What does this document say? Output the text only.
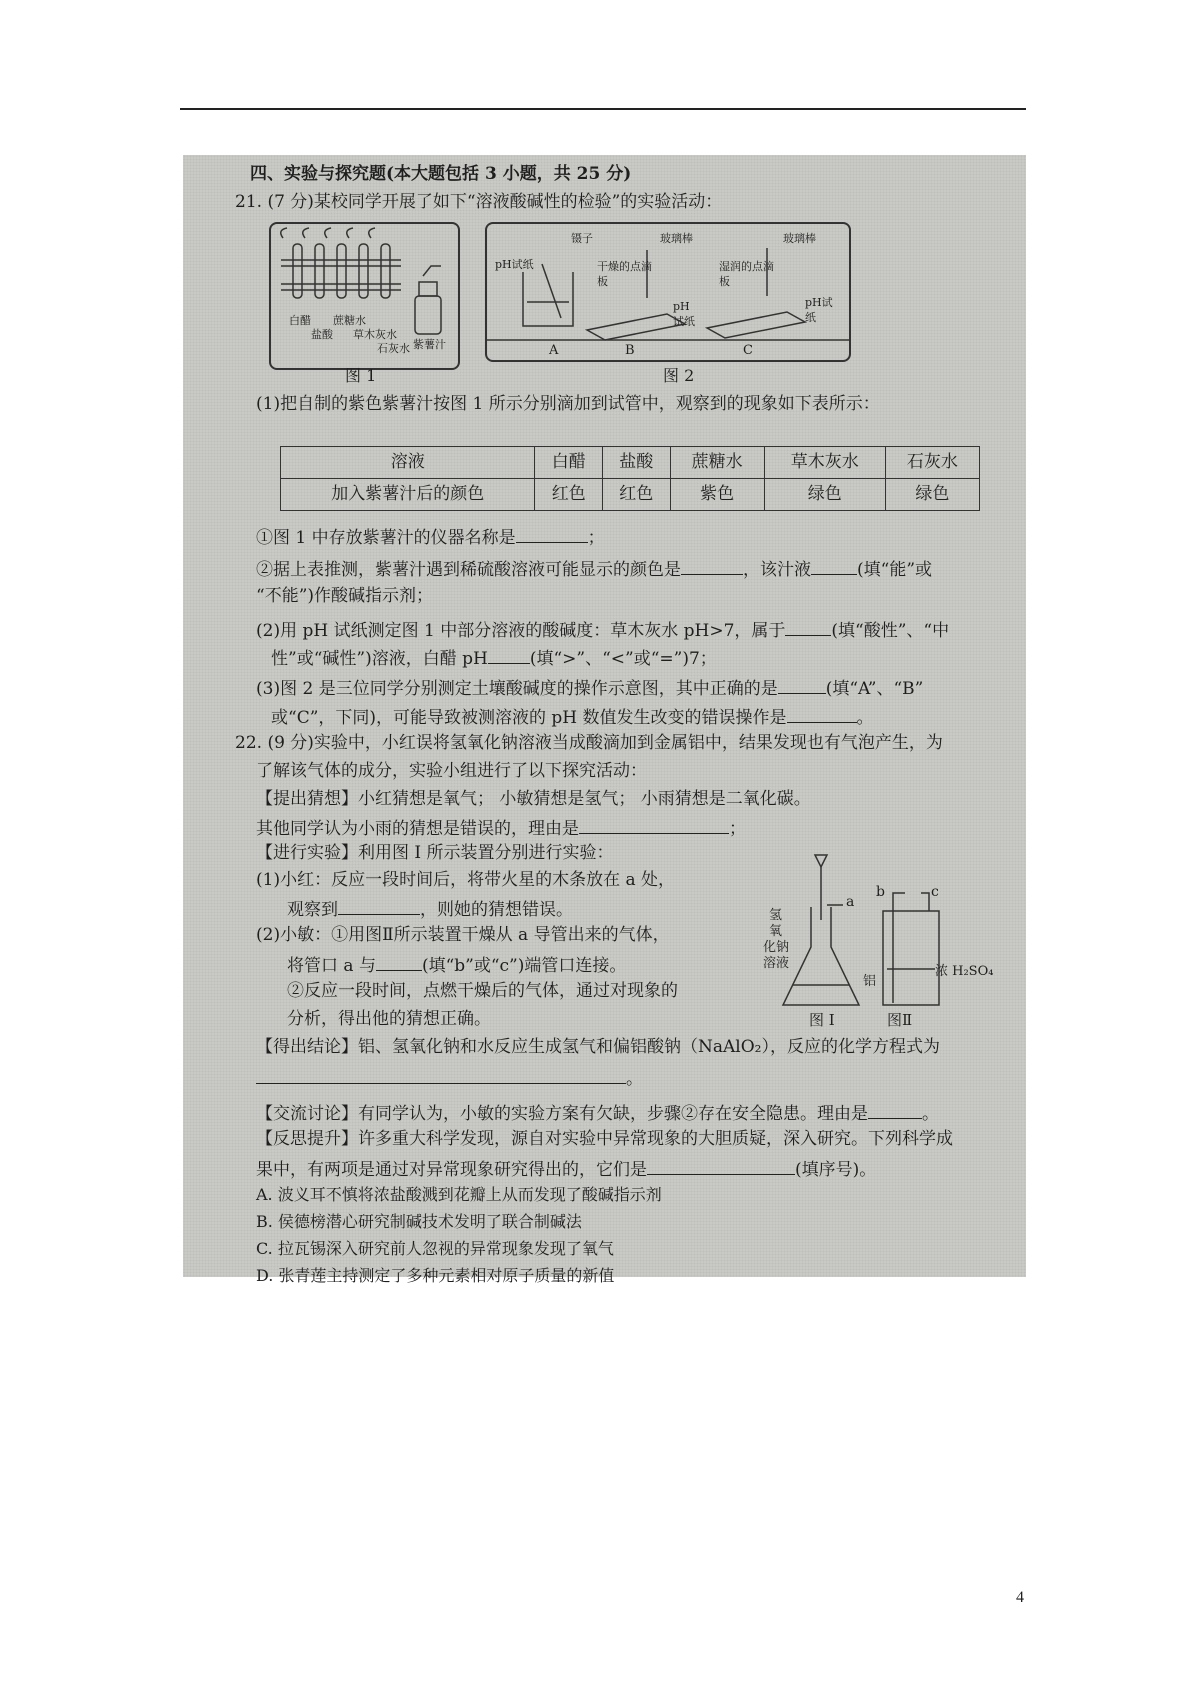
四、实验与探究题(本大题包括 3 小题，共 25 分)
21. (7 分)某校同学开展了如下“溶液酸碱性的检验”的实验活动：
白醋
盐酸
蔗糖水
草木灰水
石灰水 紫薯汁
图 1
镊子	玻璃棒	玻璃棒
pH试纸	干燥的点滴板
湿润的点滴板
pH试纸
pH试纸
A	B	C
图 2
(1)把自制的紫色紫薯汁按图 1 所示分别滴加到试管中，观察到的现象如下表所示：
溶液	白醋	盐酸	蔗糖水	草木灰水	石灰水
加入紫薯汁后的颜色	红色	红色	紫色	绿色	绿色
①图 1 中存放紫薯汁的仪器名称是	；
②据上表推测，紫薯汁遇到稀硫酸溶液可能显示的颜色是	，该汁液	(填“能”或
“不能”)作酸碱指示剂；
(2)用 pH 试纸测定图 1 中部分溶液的酸碱度：草木灰水 pH>7，属于	(填“酸性”、“中
性”或“碱性”)溶液，白醋 pH (填“>”、“<”或“=”)7；
(3)图 2 是三位同学分别测定土壤酸碱度的操作示意图，其中正确的是	(填“A”、“B”
或“C”，下同)，可能导致被测溶液的 pH 数值发生改变的错误操作是	。
22. (9 分)实验中，小红误将氢氧化钠溶液当成酸滴加到金属铝中，结果发现也有气泡产生，为
了解该气体的成分，实验小组进行了以下探究活动：
【提出猜想】小红猜想是氧气； 小敏猜想是氢气； 小雨猜想是二氧化碳。
其他同学认为小雨的猜想是错误的，理由是	；
【进行实验】利用图 I 所示装置分别进行实验：
(1)小红：反应一段时间后，将带火星的木条放在 a 处，
观察到	，则她的猜想错误。
(2)小敏：①用图Ⅱ所示装置干燥从 a 导管出来的气体，
将管口 a 与	(填“b”或“c”)端管口连接。
②反应一段时间，点燃干燥后的气体，通过对现象的
分析，得出他的猜想正确。
a
b	c
氢
氧
化钠
溶液
铝
浓 H₂SO₄
图 I	图Ⅱ
【得出结论】铝、氢氧化钠和水反应生成氢气和偏铝酸钠（NaAlO₂），反应的化学方程式为
。
【交流讨论】有同学认为，小敏的实验方案有欠缺，步骤②存在安全隐患。理由是	。
【反思提升】许多重大科学发现，源自对实验中异常现象的大胆质疑，深入研究。下列科学成
果中，有两项是通过对异常现象研究得出的，它们是	(填序号)。
A. 波义耳不慎将浓盐酸溅到花瓣上从而发现了酸碱指示剂
B. 侯德榜潜心研究制碱技术发明了联合制碱法
C. 拉瓦锡深入研究前人忽视的异常现象发现了氧气
D. 张青莲主持测定了多种元素相对原子质量的新值
4
